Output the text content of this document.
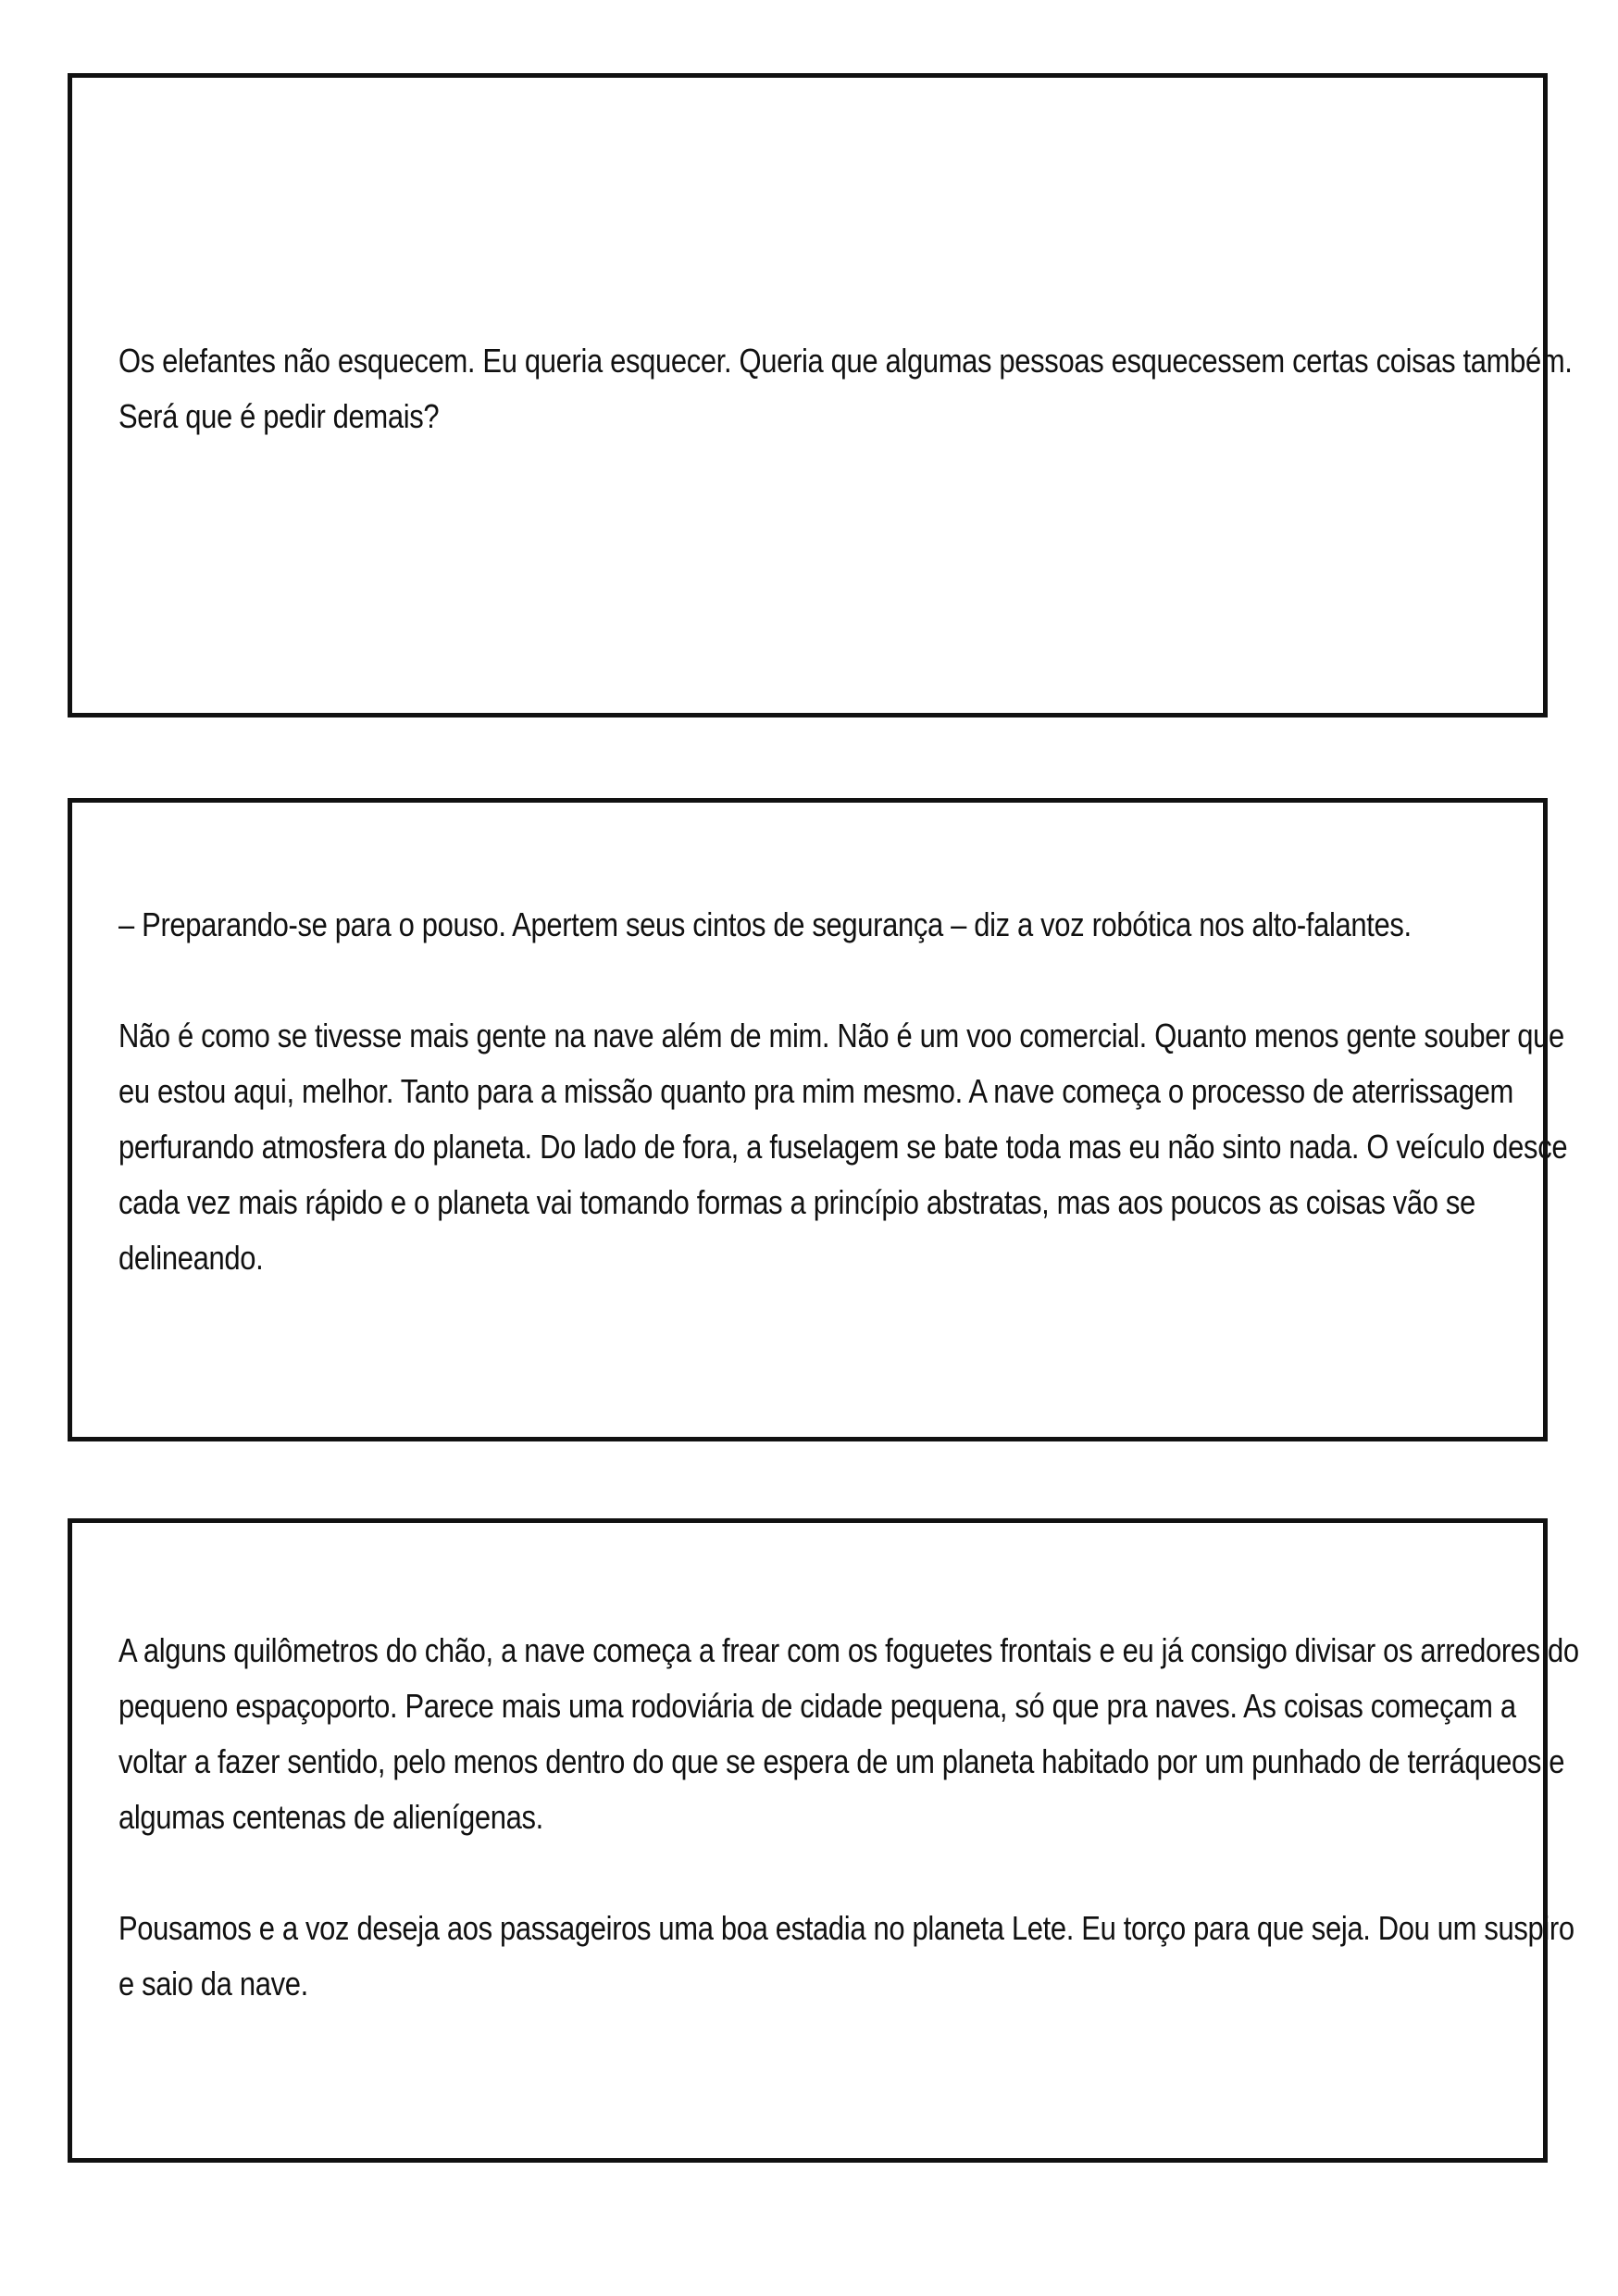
Os elefantes não esquecem. Eu queria esquecer. Queria que algumas pessoas esquecessem certas coisas também. Será que é pedir demais?

– Preparando-se para o pouso. Apertem seus cintos de segurança – diz a voz robótica nos alto-falantes.

Não é como se tivesse mais gente na nave além de mim. Não é um voo comercial. Quanto menos gente souber que eu estou aqui, melhor. Tanto para a missão quanto pra mim mesmo. A nave começa o processo de aterrissagem perfurando atmosfera do planeta. Do lado de fora, a fuselagem se bate toda mas eu não sinto nada. O veículo desce cada vez mais rápido e o planeta vai tomando formas a princípio abstratas, mas aos poucos as coisas vão se delineando.

A alguns quilômetros do chão, a nave começa a frear com os foguetes frontais e eu já consigo divisar os arredores do pequeno espaçoporto. Parece mais uma rodoviária de cidade pequena, só que pra naves. As coisas começam a voltar a fazer sentido, pelo menos dentro do que se espera de um planeta habitado por um punhado de terráqueos e algumas centenas de alienígenas.

Pousamos e a voz deseja aos passageiros uma boa estadia no planeta Lete. Eu torço para que seja. Dou um suspiro e saio da nave.
